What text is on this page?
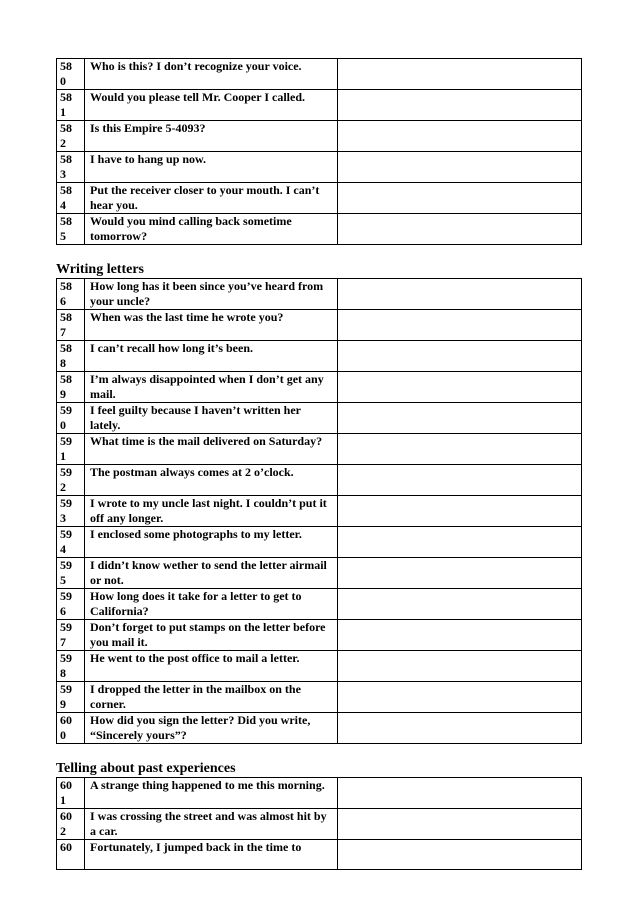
58
0	Who is this? I don’t recognize your voice.	

58
1	Would you please tell Mr. Cooper I called.	

58
2	Is this Empire 5-4093?	

58
3	I have to hang up now.	

58
4	Put the receiver closer to your mouth. I can’t hear you.	

58
5	Would you mind calling back sometime tomorrow?	
Writing letters
58
6	How long has it been since you’ve heard from your uncle?	

58
7	When was the last time he wrote you?	

58
8	I can’t recall how long it’s been.	

58
9	I’m always disappointed when I don’t get any mail.	

59
0	I feel guilty because I haven’t written her lately.	

59
1	What time is the mail delivered on Saturday?	

59
2	The postman always comes at 2 o’clock.	

59
3	I wrote to my uncle last night. I couldn’t put it off any longer.	

59
4	I enclosed some photographs to my letter.	

59
5	I didn’t know wether to send the letter airmail or not.	

59
6	How long does it take for a letter to get to California?	

59
7	Don’t forget to put stamps on the letter before you mail it.	

59
8	He went to the post office to mail a letter.	

59
9	I dropped the letter in the mailbox on the corner.	

60
0	How did you sign the letter? Did you write, “Sincerely yours”?	
Telling about past experiences
60
1	A strange thing happened to me this morning.	

60
2	I was crossing the street and was almost hit by a car.	

60	Fortunately, I jumped back in the time to	
